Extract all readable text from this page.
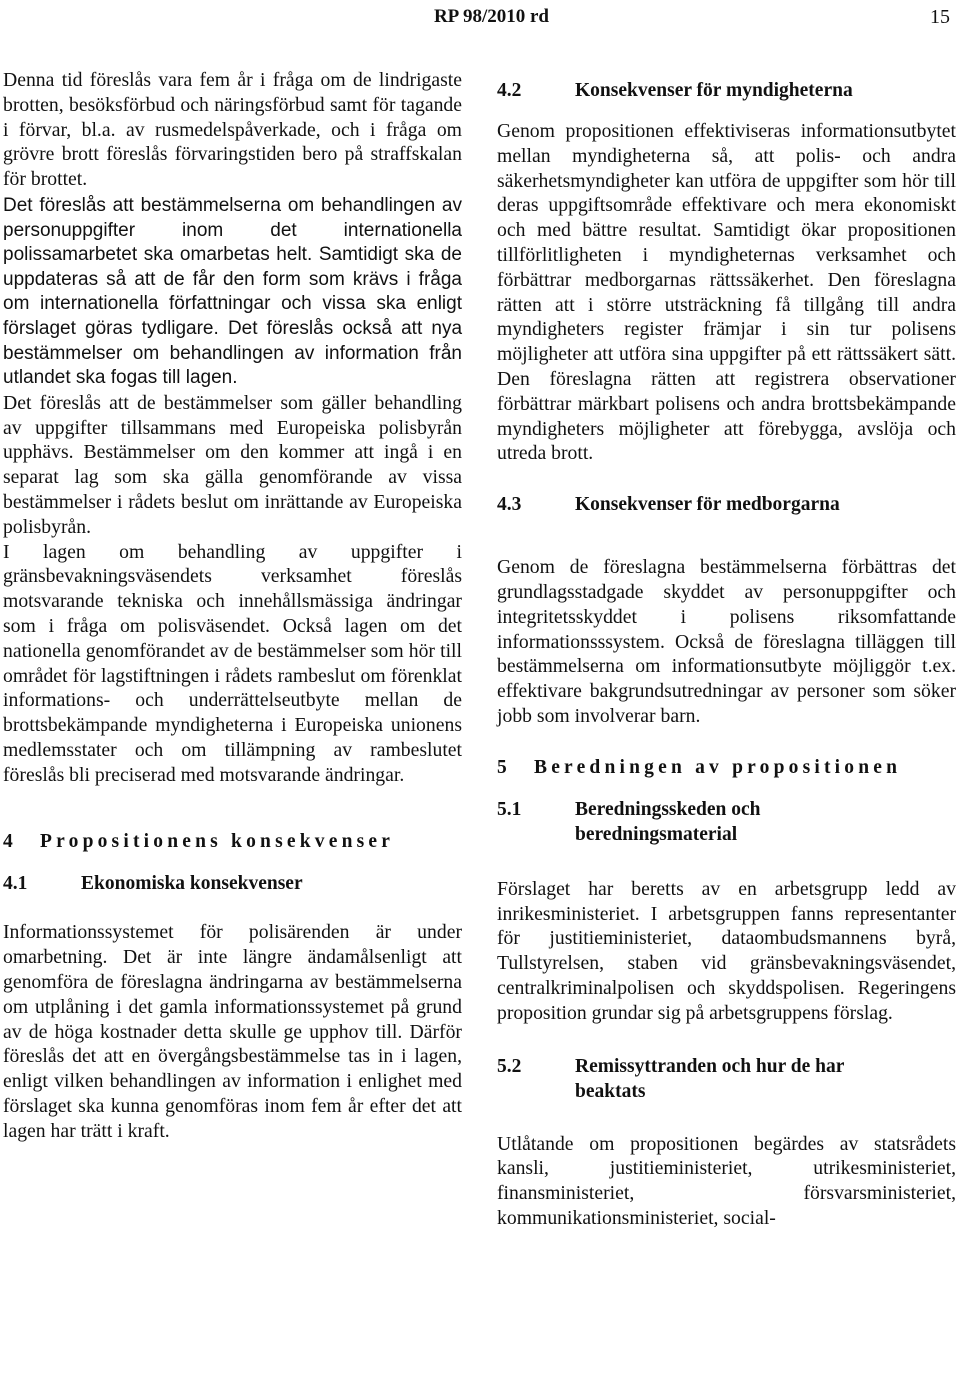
RP 98/2010 rd	15

Denna tid föreslås vara fem år i fråga om de lindrigaste brotten, besöksförbud och näringsförbud samt för tagande i förvar, bl.a. av rusmedelspåverkade, och i fråga om grövre brott föreslås förvaringstiden bero på straffskalan för brottet.

Det föreslås att bestämmelserna om behandlingen av personuppgifter inom det internationella polissamarbetet ska omarbetas helt. Samtidigt ska de uppdateras så att de får den form som krävs i fråga om internationella författningar och vissa ska enligt förslaget göras tydligare. Det föreslås också att nya bestämmelser om behandlingen av information från utlandet ska fogas till lagen.

Det föreslås att de bestämmelser som gäller behandling av uppgifter tillsammans med Europeiska polisbyrån upphävs. Bestämmelser om den kommer att ingå i en separat lag som ska gälla genomförande av vissa bestämmelser i rådets beslut om inrättande av Europeiska polisbyrån.

I lagen om behandling av uppgifter i gränsbevakningsväsendets verksamhet föreslås motsvarande tekniska och innehållsmässiga ändringar som i fråga om polisväsendet. Också lagen om det nationella genomförandet av de bestämmelser som hör till området för lagstiftningen i rådets rambeslut om förenklat informations- och underrättelseutbyte mellan de brottsbekämpande myndigheterna i Europeiska unionens medlemsstater och om tillämpning av rambeslutet föreslås bli preciserad med motsvarande ändringar.

4	Propositionens konsekvenser
4.1	Ekonomiska konsekvenser

Informationssystemet för polisärenden är under omarbetning. Det är inte längre ändamålsenligt att genomföra de föreslagna ändringarna av bestämmelserna om utplåning i det gamla informationssystemet på grund av de höga kostnader detta skulle ge upphov till. Därför föreslås det att en övergångsbestämmelse tas in i lagen, enligt vilken behandlingen av information i enlighet med förslaget ska kunna genomföras inom fem år efter det att lagen har trätt i kraft.

4.2	Konsekvenser för myndigheterna

Genom propositionen effektiviseras informationsutbytet mellan myndigheterna så, att polis- och andra säkerhetsmyndigheter kan utföra de uppgifter som hör till deras uppgiftsområde effektivare och mera ekonomiskt och med bättre resultat. Samtidigt ökar propositionen tillförlitligheten i myndigheternas verksamhet och förbättrar medborgarnas rättssäkerhet. Den föreslagna rätten att i större utsträckning få tillgång till andra myndigheters register främjar i sin tur polisens möjligheter att utföra sina uppgifter på ett rättssäkert sätt. Den föreslagna rätten att registrera observationer förbättrar märkbart polisens och andra brottsbekämpande myndigheters möjligheter att förebygga, avslöja och utreda brott.

4.3	Konsekvenser för medborgarna

Genom de föreslagna bestämmelserna förbättras det grundlagsstadgade skyddet av personuppgifter och integritetsskyddet i polisens riksomfattande informationsssystem. Också de föreslagna tilläggen till bestämmelserna om informationsutbyte möjliggör t.ex. effektivare bakgrundsutredningar av personer som söker jobb som involverar barn.

5	Beredningen av propositionen
5.1	Beredningsskeden och beredningsmaterial

Förslaget har beretts av en arbetsgrupp ledd av inrikesministeriet. I arbetsgruppen fanns representanter för justitieministeriet, dataombudsmannens byrå, Tullstyrelsen, staben vid gränsbevakningsväsendet, centralkriminalpolisen och skyddspolisen. Regeringens proposition grundar sig på arbetsgruppens förslag.

5.2	Remissyttranden och hur de har beaktats

Utlåtande om propositionen begärdes av statsrådets kansli, justitieministeriet, utrikesministeriet, finansministeriet, försvarsministeriet, kommunikationsministeriet, social-
